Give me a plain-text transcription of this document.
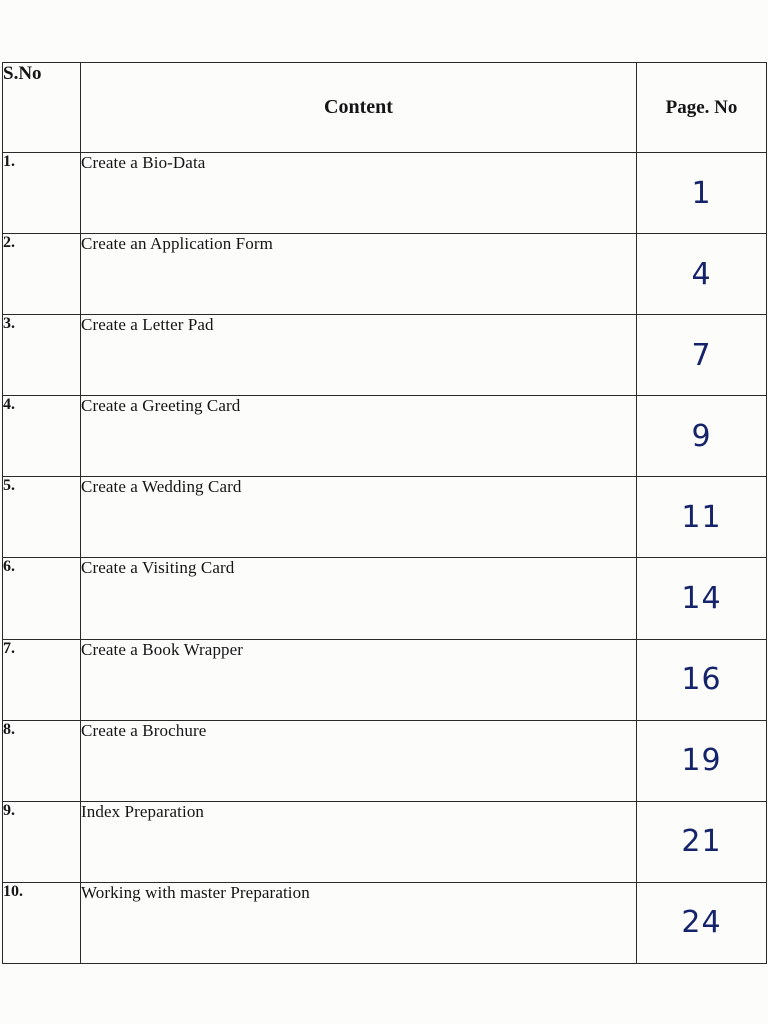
S.No	Content	Page. No
1.	Create a Bio-Data	1
2.	Create an Application Form	4
3.	Create a Letter Pad	7
4.	Create a Greeting Card	9
5.	Create a Wedding Card	11
6.	Create a Visiting Card	14
7.	Create a Book Wrapper	16
8.	Create a Brochure	19
9.	Index Preparation	21
10.	Working with master Preparation	24
